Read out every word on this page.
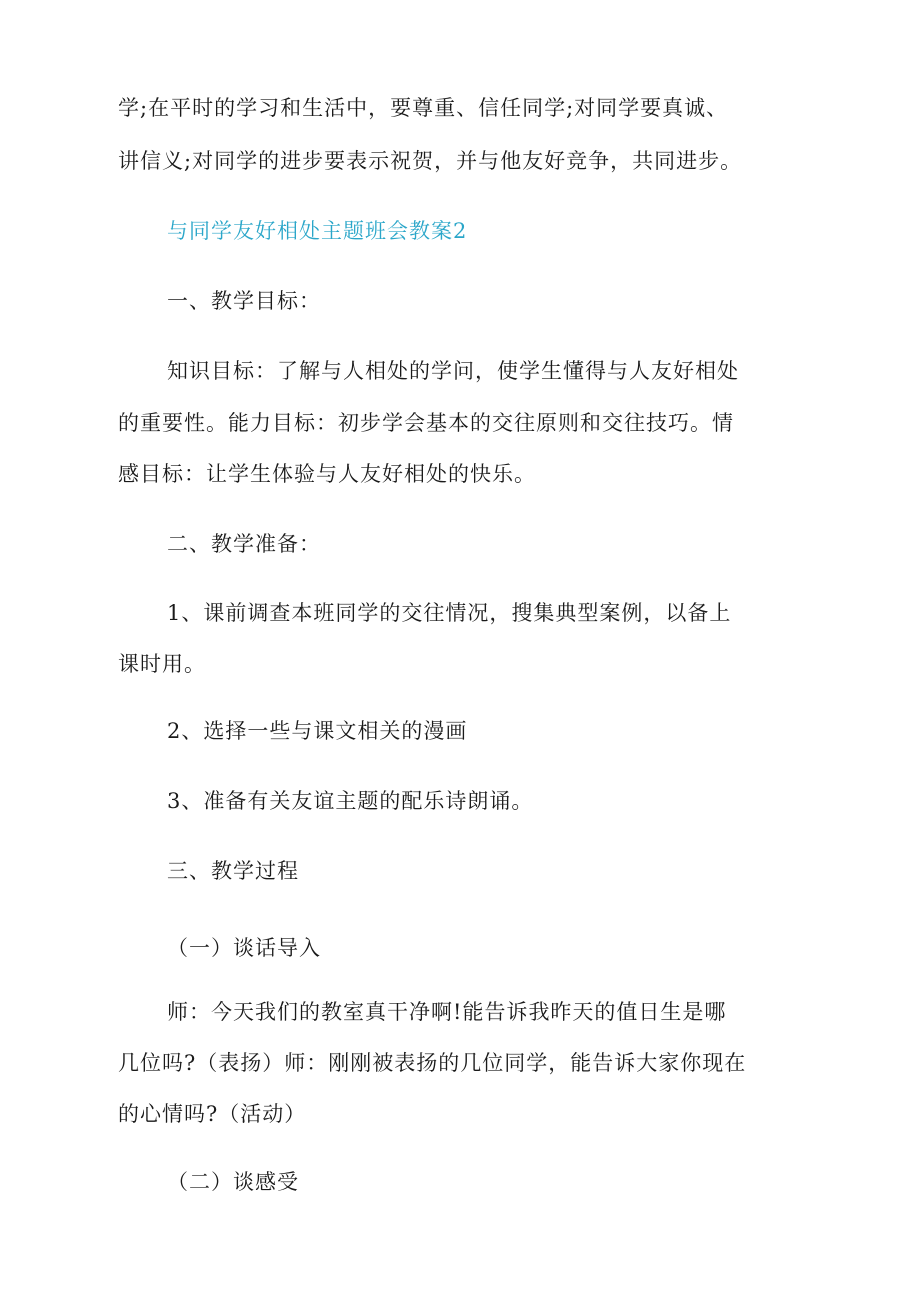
学;在平时的学习和生活中，要尊重、信任同学;对同学要真诚、
讲信义;对同学的进步要表示祝贺，并与他友好竞争，共同进步。
与同学友好相处主题班会教案2
一、教学目标：
知识目标：了解与人相处的学问，使学生懂得与人友好相处
的重要性。能力目标：初步学会基本的交往原则和交往技巧。情
感目标：让学生体验与人友好相处的快乐。
二、教学准备：
1、课前调查本班同学的交往情况，搜集典型案例，以备上
课时用。
2、选择一些与课文相关的漫画
3、准备有关友谊主题的配乐诗朗诵。
三、教学过程
（一）谈话导入
师：今天我们的教室真干净啊!能告诉我昨天的值日生是哪
几位吗?（表扬）师：刚刚被表扬的几位同学，能告诉大家你现在
的心情吗?（活动）
（二）谈感受
